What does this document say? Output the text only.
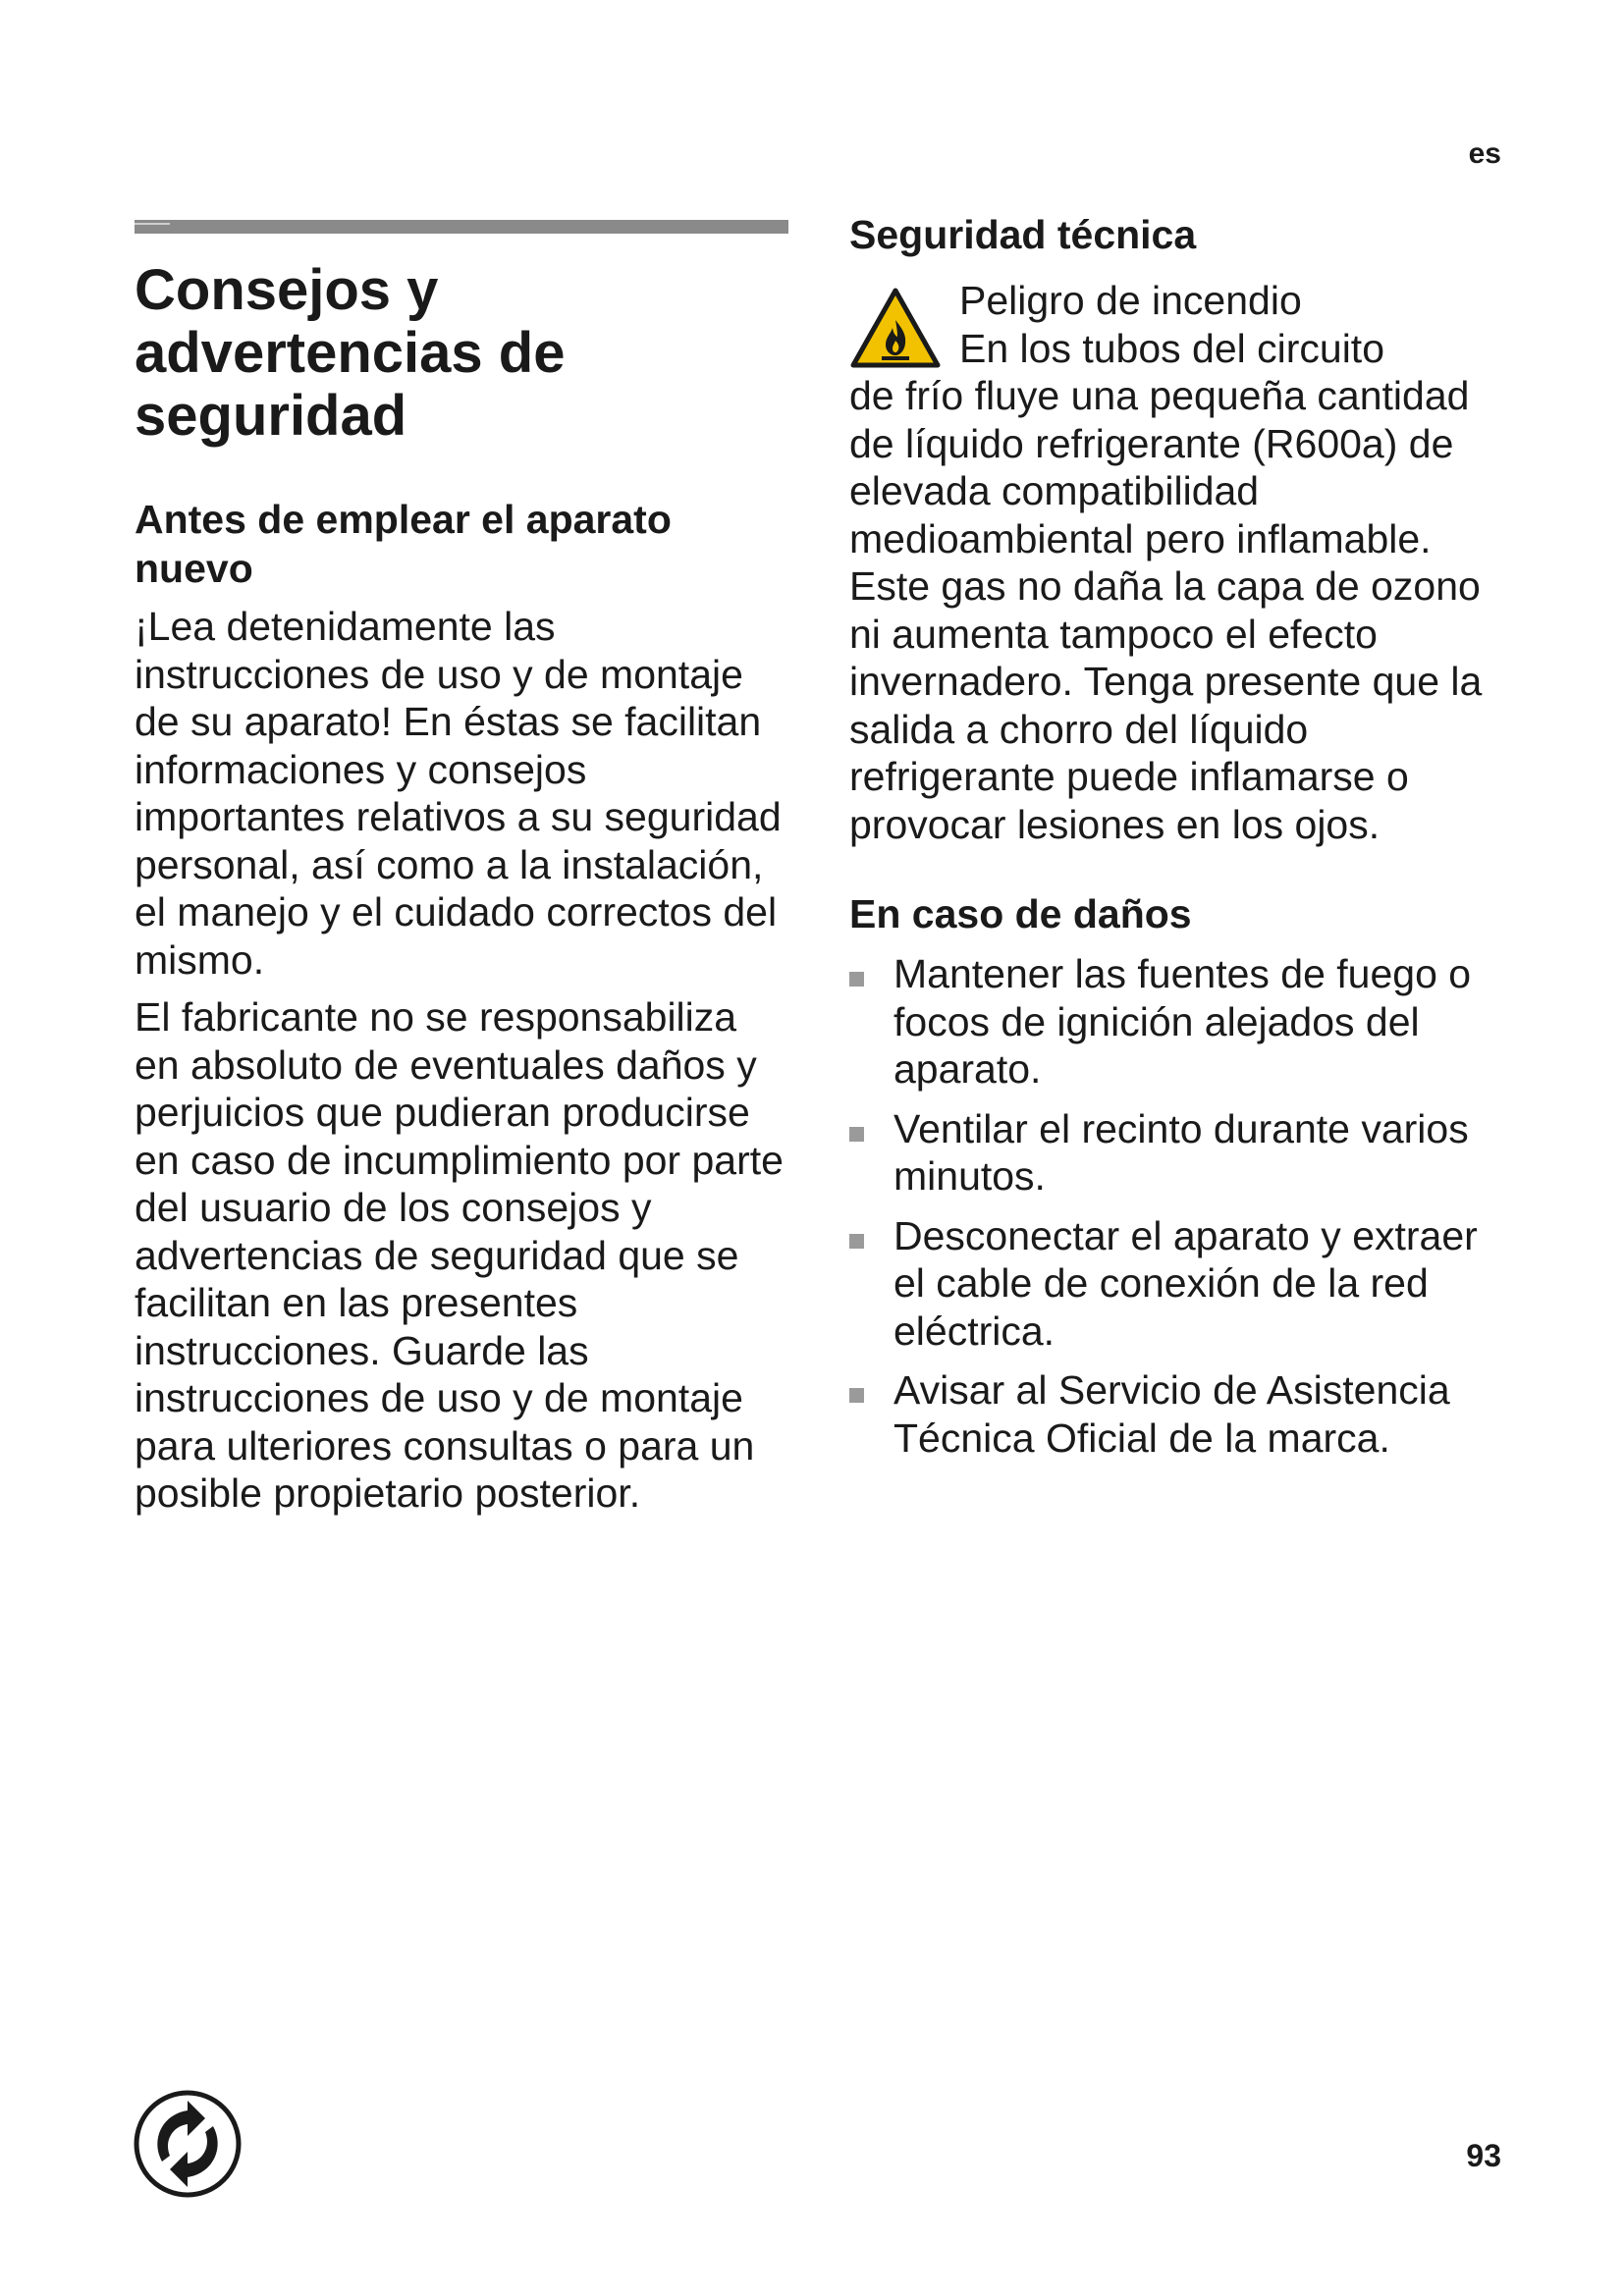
es
Consejos y advertencias de seguridad
Antes de emplear el aparato nuevo

¡Lea detenidamente las instrucciones de uso y de montaje de su aparato! En éstas se facilitan informaciones y consejos importantes relativos a su seguridad personal, así como a la instalación, el manejo y el cuidado correctos del mismo.

El fabricante no se responsabiliza en absoluto de eventuales daños y perjuicios que pudieran producirse en caso de incumplimiento por parte del usuario de los consejos y advertencias de seguridad que se facilitan en las presentes instrucciones. Guarde las instrucciones de uso y de montaje para ulteriores consultas o para un posible propietario posterior.

Seguridad técnica

Peligro de incendio

En los tubos del circuito

de frío fluye una pequeña cantidad de líquido refrigerante (R600a) de elevada compatibilidad medioambiental pero inflamable. Este gas no daña la capa de ozono ni aumenta tampoco el efecto invernadero. Tenga presente que la salida a chorro del líquido refrigerante puede inflamarse o provocar lesiones en los ojos.

En caso de daños

Mantener las fuentes de fuego o focos de ignición alejados del aparato.

Ventilar el recinto durante varios minutos.

Desconectar el aparato y extraer el cable de conexión de la red eléctrica.

Avisar al Servicio de Asistencia Técnica Oficial de la marca.

93
